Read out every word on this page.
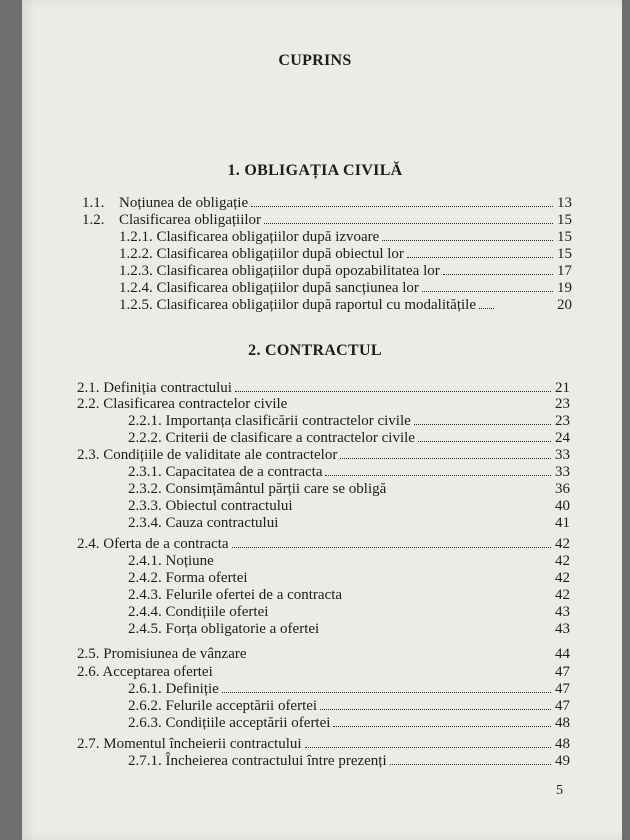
CUPRINS
1. OBLIGAȚIA CIVILĂ
2. CONTRACTUL
1.1. Noțiunea de obligație	13
1.2. Clasificarea obligațiilor	15
1.2.1. Clasificarea obligațiilor după izvoare	15
1.2.2. Clasificarea obligațiilor după obiectul lor	15
1.2.3. Clasificarea obligațiilor după opozabilitatea lor	17
1.2.4. Clasificarea obligațiilor după sancțiunea lor	19
1.2.5. Clasificarea obligațiilor după raportul cu modalitățile	20
2.1. Definiția contractului	21
2.2. Clasificarea contractelor civile	23
2.2.1. Importanța clasificării contractelor civile	23
2.2.2. Criterii de clasificare a contractelor civile	24
2.3. Condițiile de validitate ale contractelor	33
2.3.1. Capacitatea de a contracta	33
2.3.2. Consimțământul părții care se obligă	36
2.3.3. Obiectul contractului	40
2.3.4. Cauza contractului	41
2.4. Oferta de a contracta	42
2.4.1. Noțiune	42
2.4.2. Forma ofertei	42
2.4.3. Felurile ofertei de a contracta	42
2.4.4. Condițiile ofertei	43
2.4.5. Forța obligatorie a ofertei	43
2.5. Promisiunea de vânzare	44
2.6. Acceptarea ofertei	47
2.6.1. Definiție	47
2.6.2. Felurile acceptării ofertei	47
2.6.3. Condițiile acceptării ofertei	48
2.7. Momentul încheierii contractului	48
2.7.1. Încheierea contractului între prezenți	49
5
